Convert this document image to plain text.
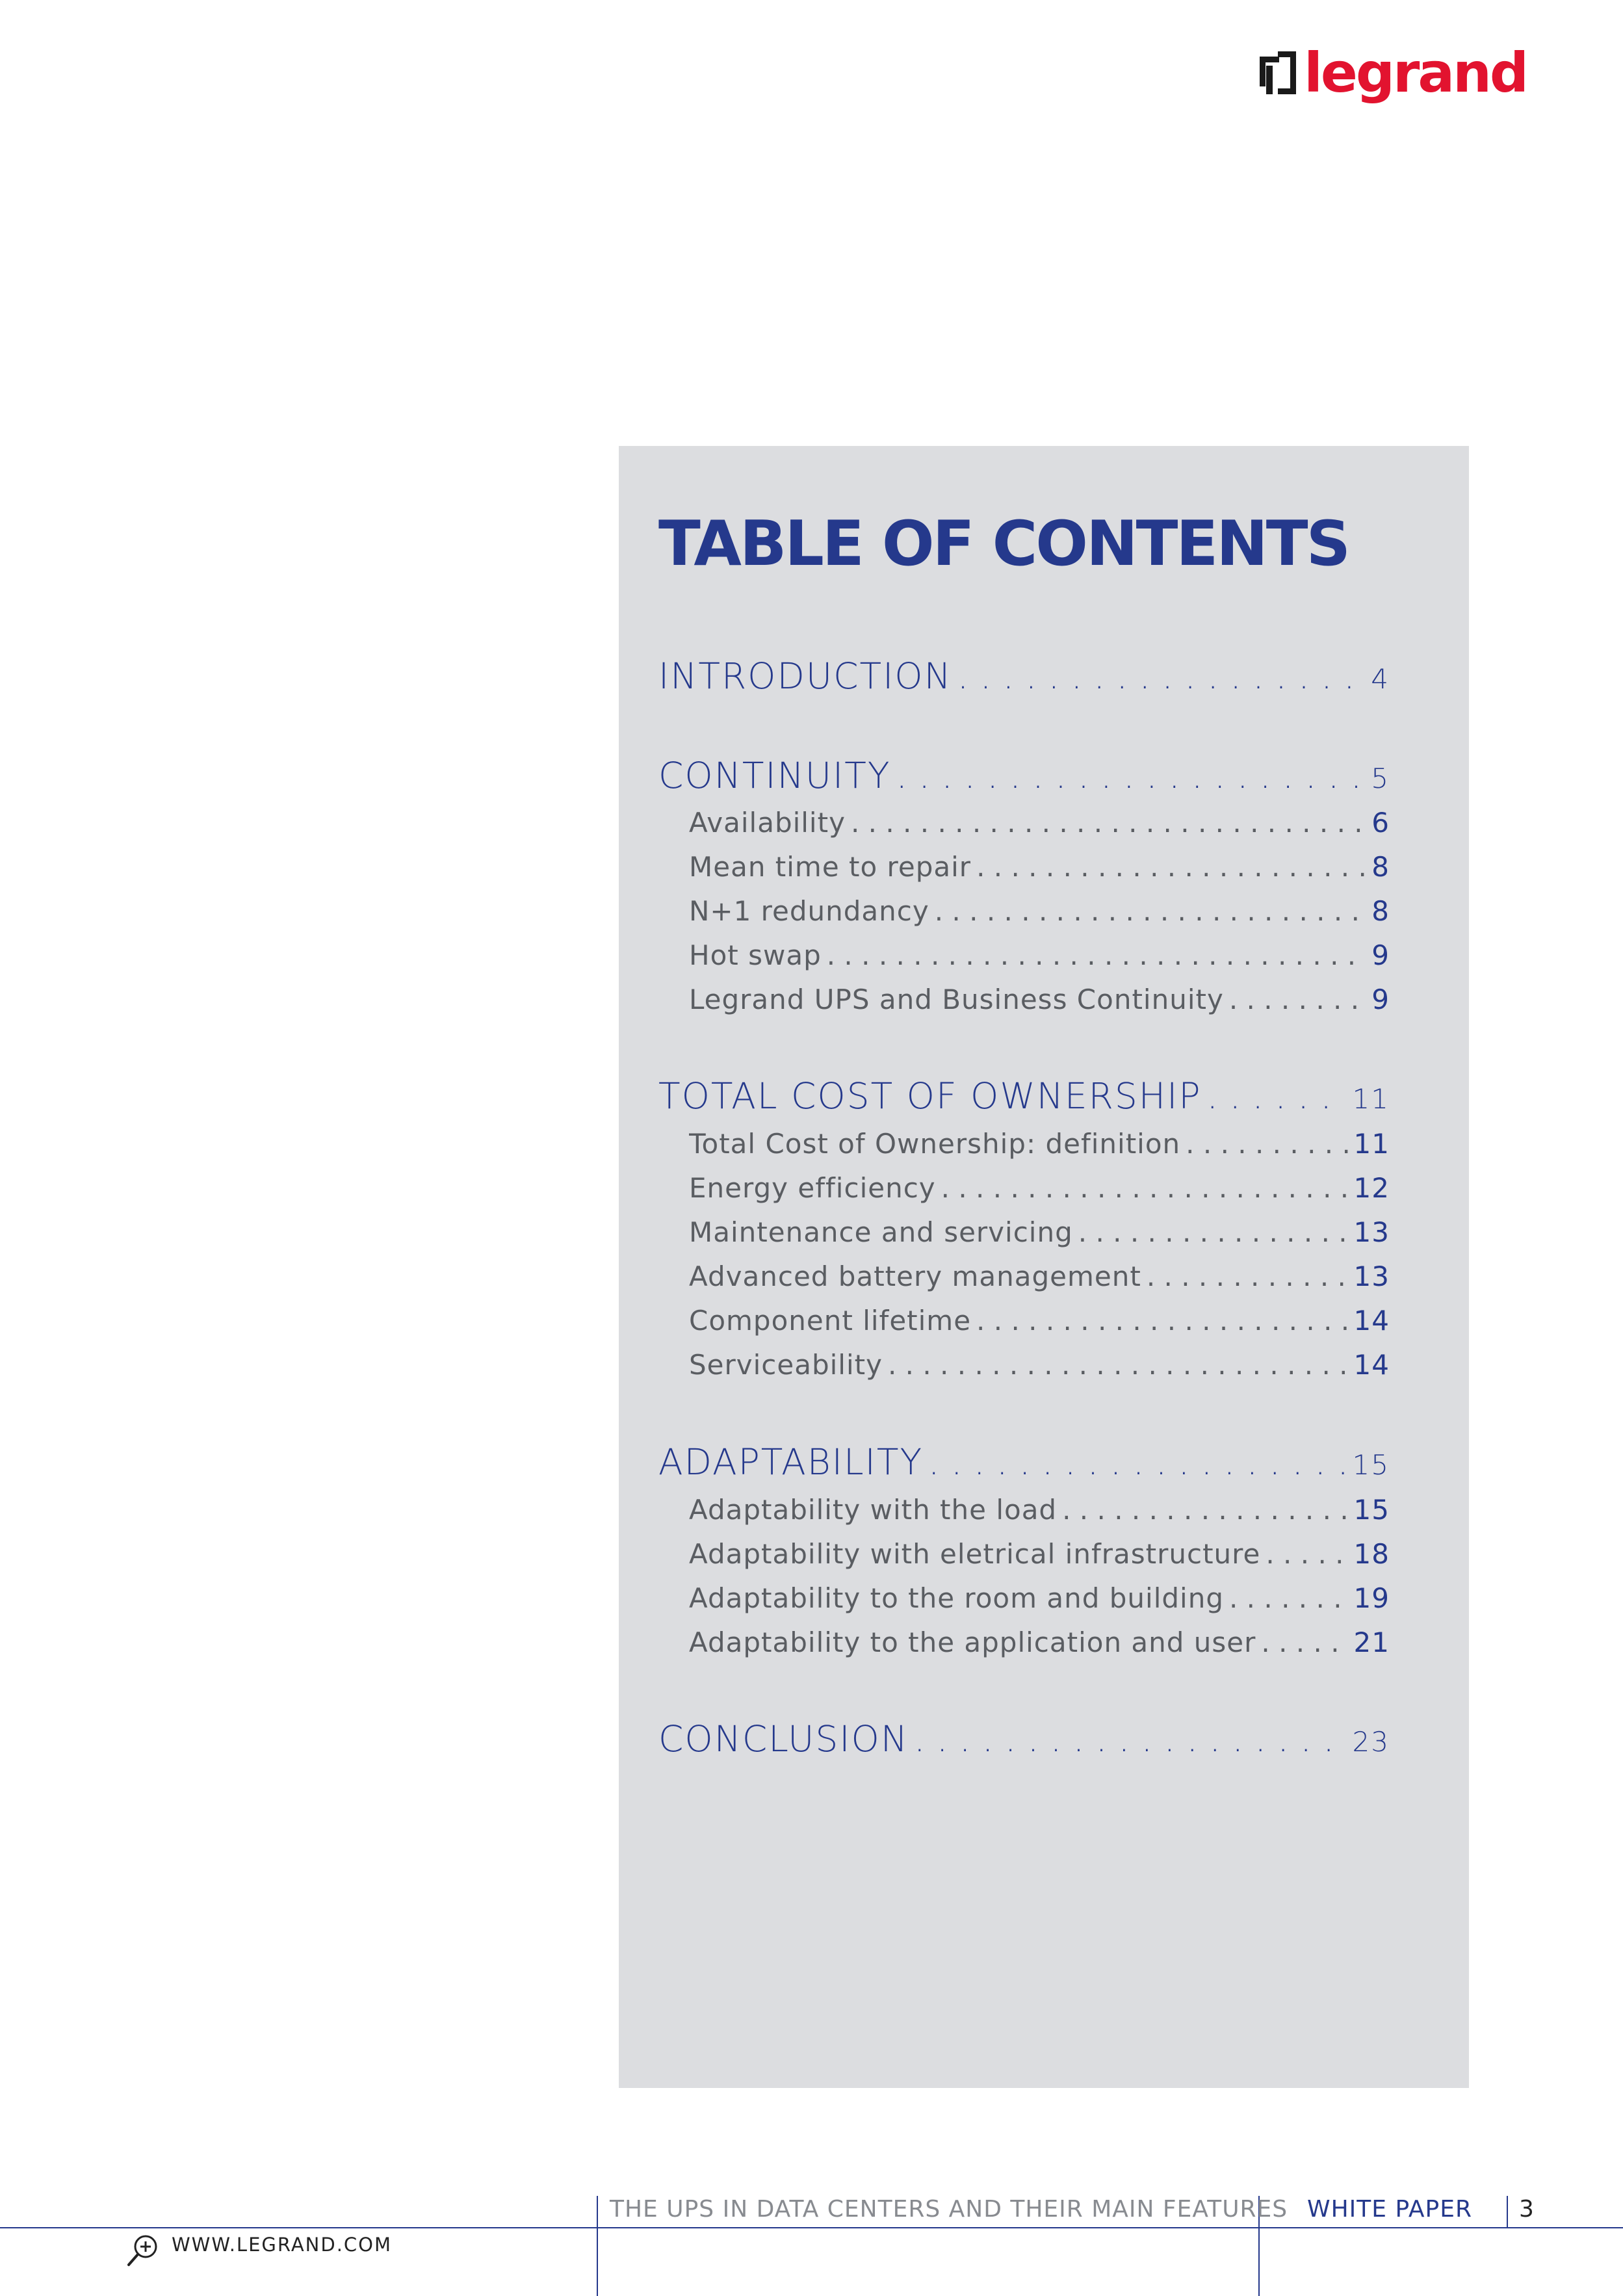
legrand
TABLE OF CONTENTS
INTRODUCTION . . .	4
CONTINUITY . . .	5
Availability . . .	6
Mean time to repair . . .	8
N+1 redundancy . . .	8
Hot swap . . .	9
Legrand UPS and Business Continuity . . .	9
TOTAL COST OF OWNERSHIP . . .	11
Total Cost of Ownership: definition . . .	11
Energy efficiency . . .	12
Maintenance and servicing . . .	13
Advanced battery management . . .	13
Component lifetime . . .	14
Serviceability . . .	14
ADAPTABILITY . . .	15
Adaptability with the load . . .	15
Adaptability with eletrical infrastructure . . .	18
Adaptability to the room and building . . .	19
Adaptability to the application and user . . .	21
CONCLUSION . . .	23
THE UPS IN DATA CENTERS AND THEIR MAIN FEATURES WHITE PAPER 3
WWW.LEGRAND.COM
